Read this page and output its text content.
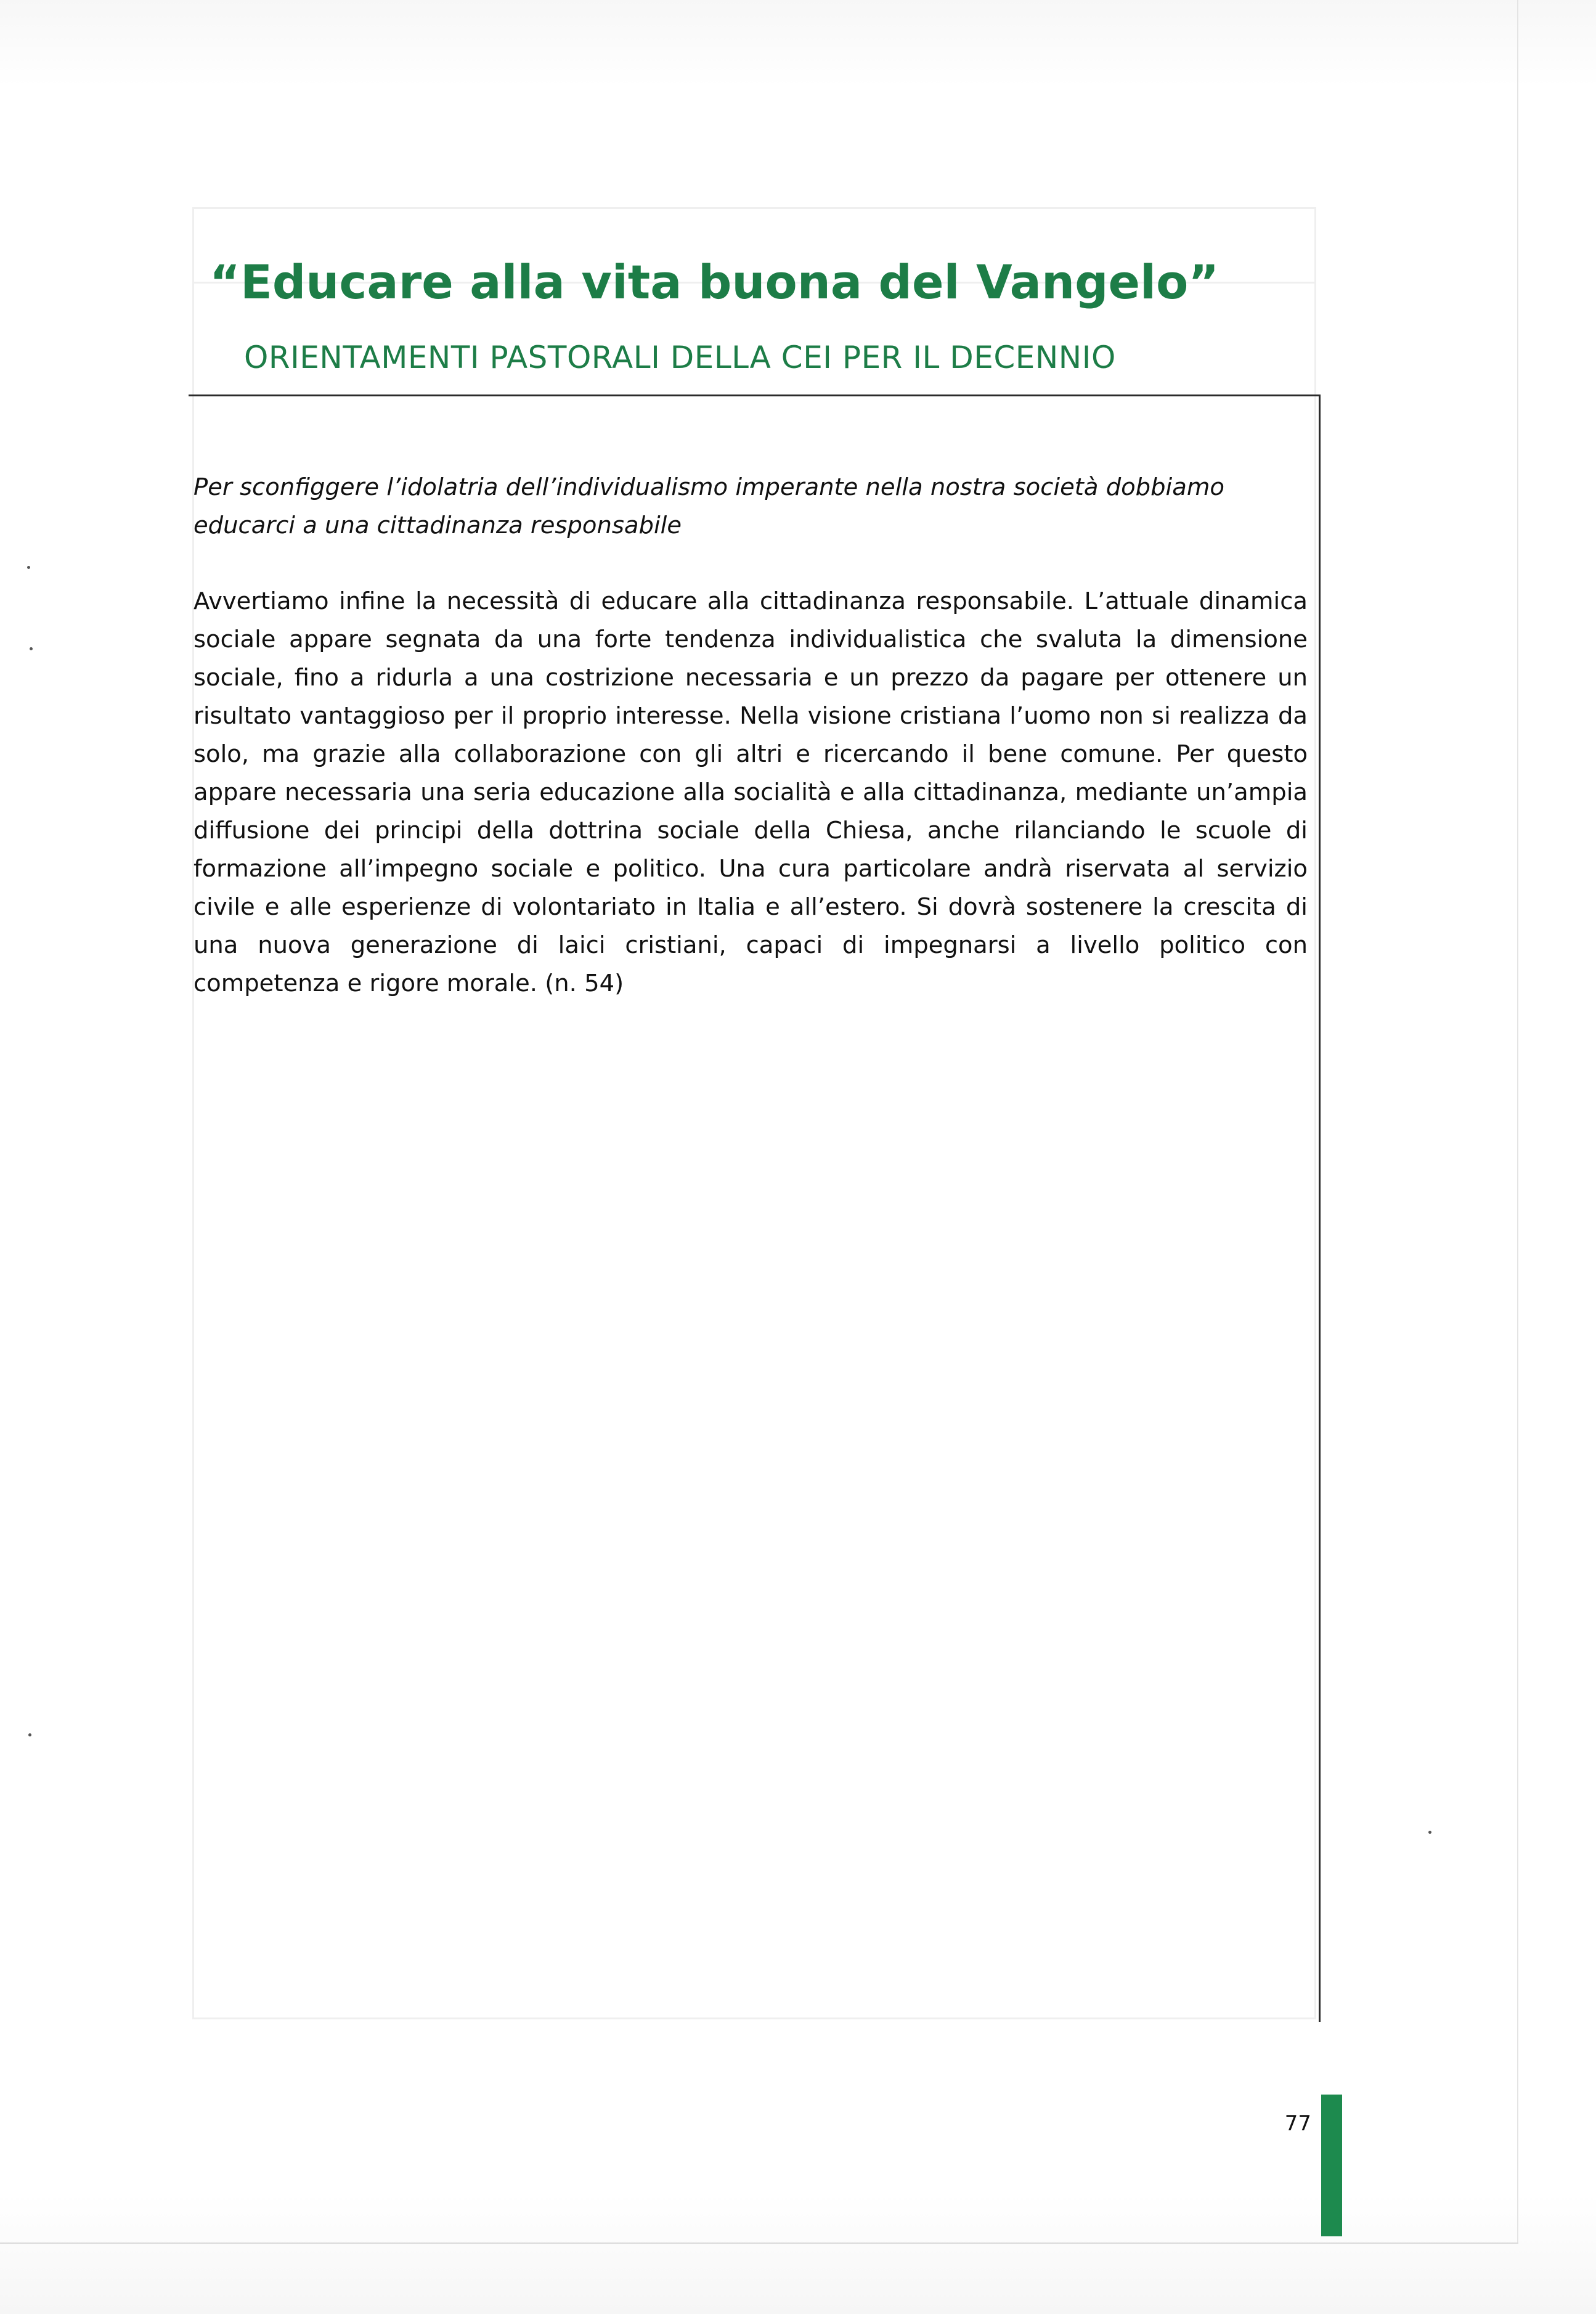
“Educare alla vita buona del Vangelo”
ORIENTAMENTI PASTORALI DELLA CEI PER IL DECENNIO

Per sconfiggere l’idolatria dell’individualismo imperante nella nostra società dobbiamo educarci a una cittadinanza responsabile

Avvertiamo infine la necessità di educare alla cittadinanza responsabile. L’attuale dinamica sociale appare segnata da una forte tendenza individualistica che svaluta la dimensione sociale, fino a ridurla a una costrizione necessaria e un prezzo da pagare per ottenere un risultato vantaggioso per il proprio interesse. Nella visione cristiana l’uomo non si realizza da solo, ma grazie alla collaborazione con gli altri e ricercando il bene comune. Per questo appare necessaria una seria educazione alla socialità e alla cittadinanza, mediante un’ampia diffusione dei principi della dottrina sociale della Chiesa, anche rilanciando le scuole di formazione all’impegno sociale e politico. Una cura particolare andrà riservata al servizio civile e alle esperienze di volontariato in Italia e all’estero. Si dovrà sostenere la crescita di una nuova generazione di laici cristiani, capaci di impegnarsi a livello politico con competenza e rigore morale. (n. 54)

77
